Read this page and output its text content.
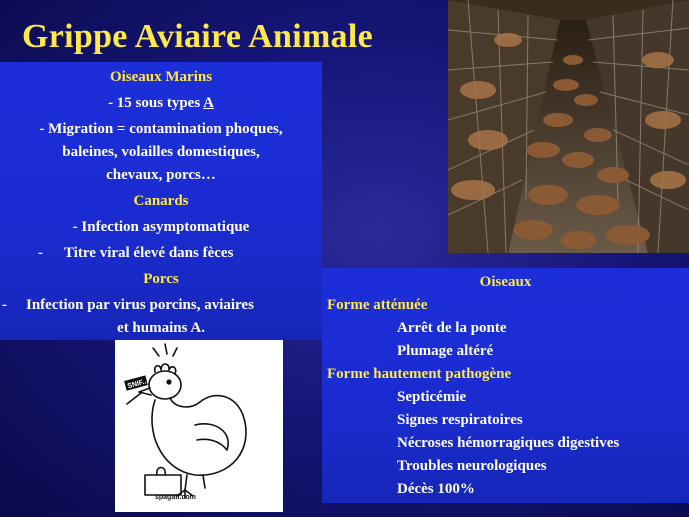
Grippe Aviaire Animale
Oiseaux Marins
- 15 sous types A
- Migration = contamination phoques,
baleines, volailles domestiques,
chevaux, porcs…
Canards
- Infection asymptomatique
- Titre viral élevé dans fèces
Porcs
- Infection par virus porcins, aviaires
et humains A.
Oiseaux
Forme atténuée
Arrêt de la ponte
Plumage altéré
Forme hautement pathogène
Septicémie
Signes respiratoires
Nécroses hémorragiques digestives
Troubles neurologiques
Décès 100%
SNIF...
spagati.com
